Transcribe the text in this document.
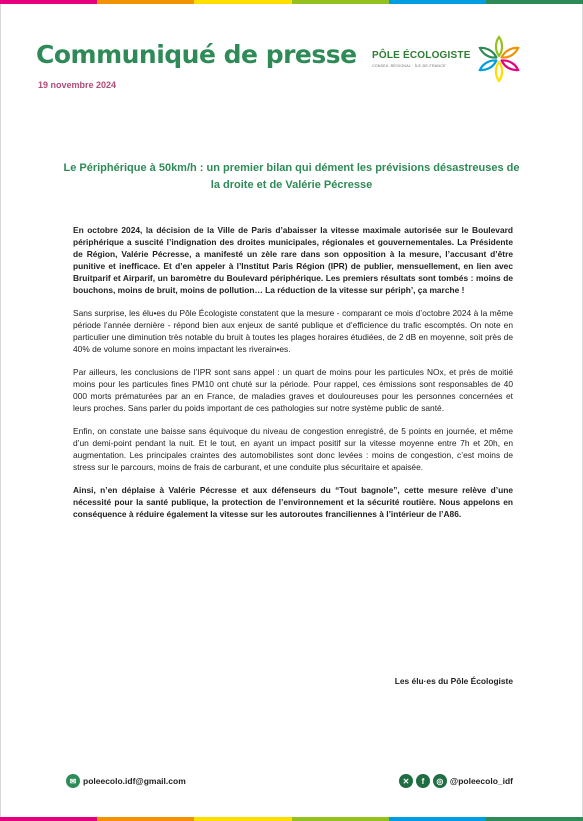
Communiqué de presse
19 novembre 2024
PÔLE ÉCOLOGISTE
CONSEIL RÉGIONAL · ÎLE-DE-FRANCE
Le Périphérique à 50km/h : un premier bilan qui dément les prévisions désastreuses de la droite et de Valérie Pécresse

En octobre 2024, la décision de la Ville de Paris d’abaisser la vitesse maximale autorisée sur le Boulevard périphérique a suscité l’indignation des droites municipales, régionales et gouvernementales. La Présidente de Région, Valérie Pécresse, a manifesté un zèle rare dans son opposition à la mesure, l’accusant d’être punitive et inefficace. Et d’en appeler à l’Institut Paris Région (IPR) de publier, mensuellement, en lien avec Bruitparif et Airparif, un baromètre du Boulevard périphérique. Les premiers résultats sont tombés : moins de bouchons, moins de bruit, moins de pollution… La réduction de la vitesse sur périph’, ça marche !

Sans surprise, les élu•es du Pôle Écologiste constatent que la mesure - comparant ce mois d’octobre 2024 à la même période l’année dernière - répond bien aux enjeux de santé publique et d’efficience du trafic escomptés. On note en particulier une diminution très notable du bruit à toutes les plages horaires étudiées, de 2 dB en moyenne, soit près de 40% de volume sonore en moins impactant les riverain•es.

Par ailleurs, les conclusions de l’IPR sont sans appel : un quart de moins pour les particules NOx, et près de moitié moins pour les particules fines PM10 ont chuté sur la période. Pour rappel, ces émissions sont responsables de 40 000 morts prématurées par an en France, de maladies graves et douloureuses pour les personnes concernées et leurs proches. Sans parler du poids important de ces pathologies sur notre système public de santé.

Enfin, on constate une baisse sans équivoque du niveau de congestion enregistré, de 5 points en journée, et même d’un demi-point pendant la nuit. Et le tout, en ayant un impact positif sur la vitesse moyenne entre 7h et 20h, en augmentation. Les principales craintes des automobilistes sont donc levées : moins de congestion, c’est moins de stress sur le parcours, moins de frais de carburant, et une conduite plus sécuritaire et apaisée.

Ainsi, n’en déplaise à Valérie Pécresse et aux défenseurs du “Tout bagnole”, cette mesure relève d’une nécessité pour la santé publique, la protection de l’environnement et la sécurité routière. Nous appelons en conséquence à réduire également la vitesse sur les autoroutes franciliennes à l’intérieur de l’A86.

Les élu·es du Pôle Écologiste
✉ poleecolo.idf@gmail.com	✕	f	◎ @poleecolo_idf
